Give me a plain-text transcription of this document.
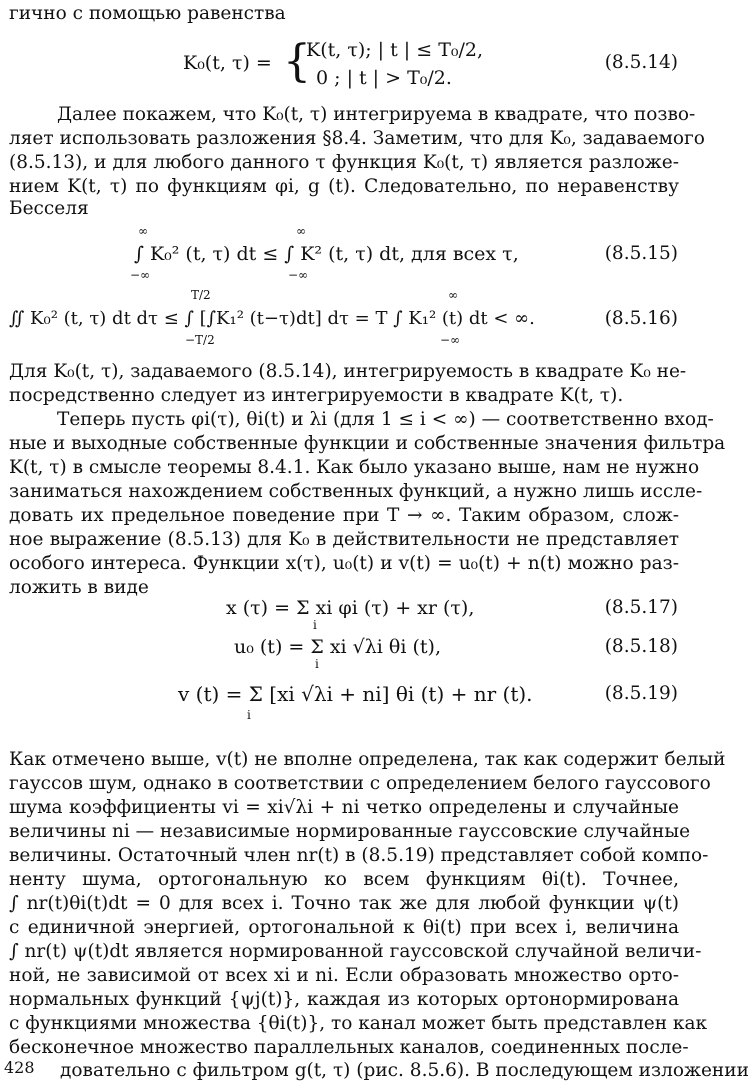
гично с помощью равенства
K₀(t, τ) = {
K(t, τ); | t | ≤ T₀/2,
0 ; | t | > T₀/2.
(8.5.14)
Далее покажем, что K₀(t, τ) интегрируема в квадрате, что позво-
ляет использовать разложения §8.4. Заметим, что для K₀, задаваемого
(8.5.13), и для любого данного τ функция K₀(t, τ) является разложе-
нием K(t, τ) по функциям φi, g (t). Следовательно, по неравенству
Бесселя
∞
−∞
∞
−∞
∫ K₀² (t, τ) dt ≤ ∫ K² (t, τ) dt, для всех τ,	(8.5.15)
T/2
−T/2
∞
−∞
∬ K₀² (t, τ) dt dτ ≤ ∫ [∫K₁² (t−τ)dt] dτ = T ∫ K₁² (t) dt < ∞.	(8.5.16)
Для K₀(t, τ), задаваемого (8.5.14), интегрируемость в квадрате K₀ не-
посредственно следует из интегрируемости в квадрате K(t, τ).
Теперь пусть φi(τ), θi(t) и λi (для 1 ≤ i < ∞) — соответственно вход-
ные и выходные собственные функции и собственные значения фильтра
K(t, τ) в смысле теоремы 8.4.1. Как было указано выше, нам не нужно
заниматься нахождением собственных функций, а нужно лишь иссле-
довать их предельное поведение при T → ∞. Таким образом, слож-
ное выражение (8.5.13) для K₀ в действительности не представляет
особого интереса. Функции x(τ), u₀(t) и v(t) = u₀(t) + n(t) можно раз-
ложить в виде
x (τ) = Σ xi φi (τ) + xr (τ),
i
(8.5.17)
u₀ (t) = Σ xi √λi θi (t),
i
(8.5.18)
v (t) = Σ [xi √λi + ni] θi (t) + nr (t).
i
(8.5.19)
Как отмечено выше, v(t) не вполне определена, так как содержит белый
гауссов шум, однако в соответствии с определением белого гауссового
шума коэффициенты vi = xi√λi + ni четко определены и случайные
величины ni — независимые нормированные гауссовские случайные
величины. Остаточный член nr(t) в (8.5.19) представляет собой компо-
ненту шума, ортогональную ко всем функциям θi(t). Точнее,
∫ nr(t)θi(t)dt = 0 для всех i. Точно так же для любой функции ψ(t)
с единичной энергией, ортогональной к θi(t) при всех i, величина
∫ nr(t) ψ(t)dt является нормированной гауссовской случайной величи-
ной, не зависимой от всех xi и ni. Если образовать множество орто-
нормальных функций {ψj(t)}, каждая из которых ортонормирована
с функциями множества {θi(t)}, то канал может быть представлен как
бесконечное множество параллельных каналов, соединенных после-
довательно с фильтром g(t, τ) (рис. 8.5.6). В последующем изложении
428
